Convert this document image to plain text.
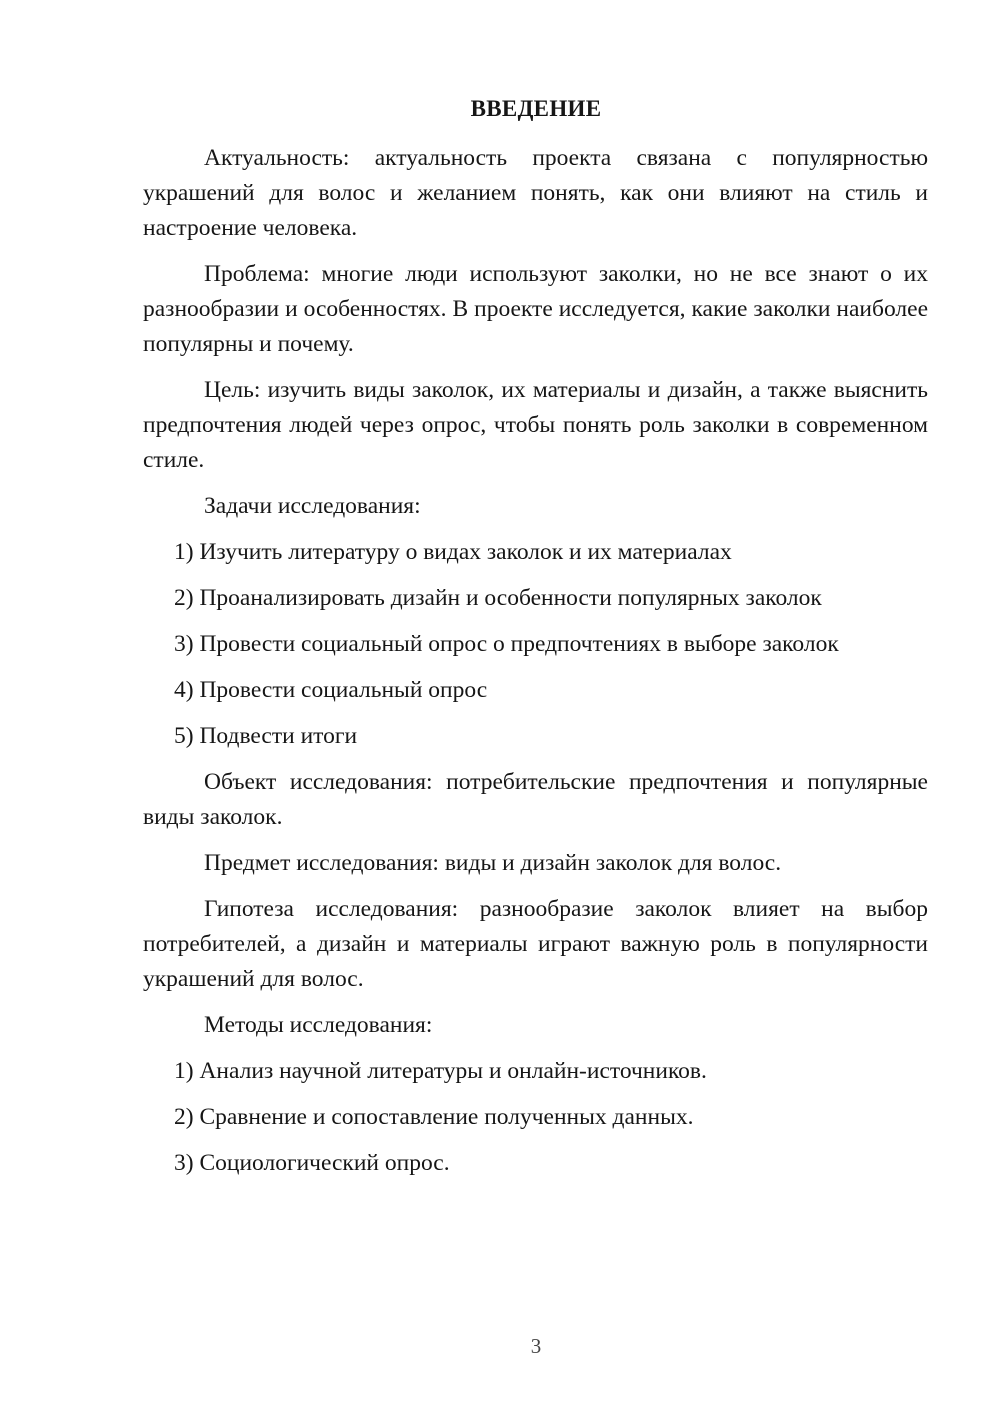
ВВЕДЕНИЕ

Актуальность: актуальность проекта связана с популярностью украшений для волос и желанием понять, как они влияют на стиль и настроение человека.

Проблема: многие люди используют заколки, но не все знают о их разнообразии и особенностях. В проекте исследуется, какие заколки наиболее популярны и почему.

Цель: изучить виды заколок, их материалы и дизайн, а также выяснить предпочтения людей через опрос, чтобы понять роль заколки в современном стиле.

Задачи исследования:

1) Изучить литературу о видах заколок и их материалах
2) Проанализировать дизайн и особенности популярных заколок
3) Провести социальный опрос о предпочтениях в выборе заколок
4) Провести социальный опрос
5) Подвести итоги

Объект исследования: потребительские предпочтения и популярные виды заколок.

Предмет исследования: виды и дизайн заколок для волос.

Гипотеза исследования: разнообразие заколок влияет на выбор потребителей, а дизайн и материалы играют важную роль в популярности украшений для волос.

Методы исследования:

1) Анализ научной литературы и онлайн-источников.
2) Сравнение и сопоставление полученных данных.
3) Социологический опрос.
3
